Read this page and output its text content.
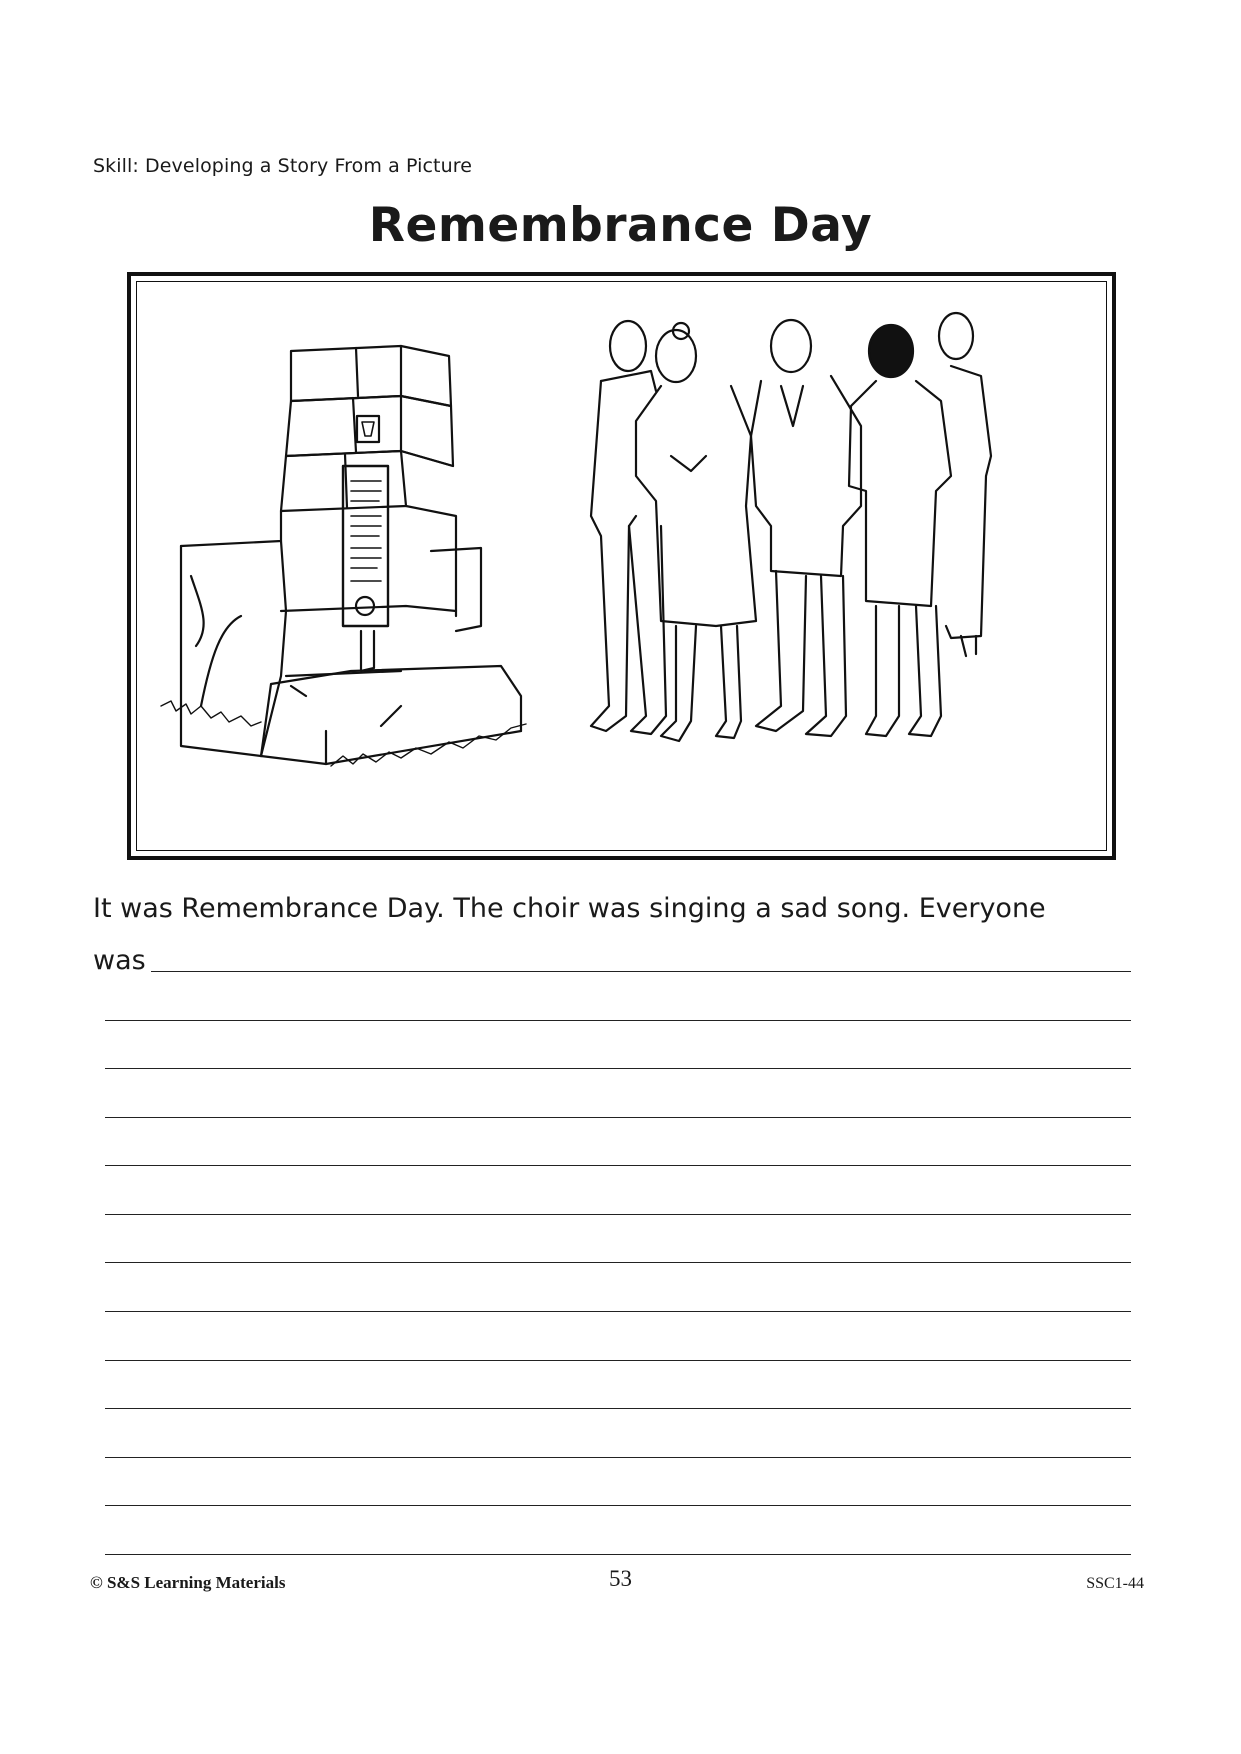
Skill: Developing a Story From a Picture
Remembrance Day
It was Remembrance Day. The choir was singing a sad song. Everyone
was
© S&S Learning Materials	53	SSC1-44
